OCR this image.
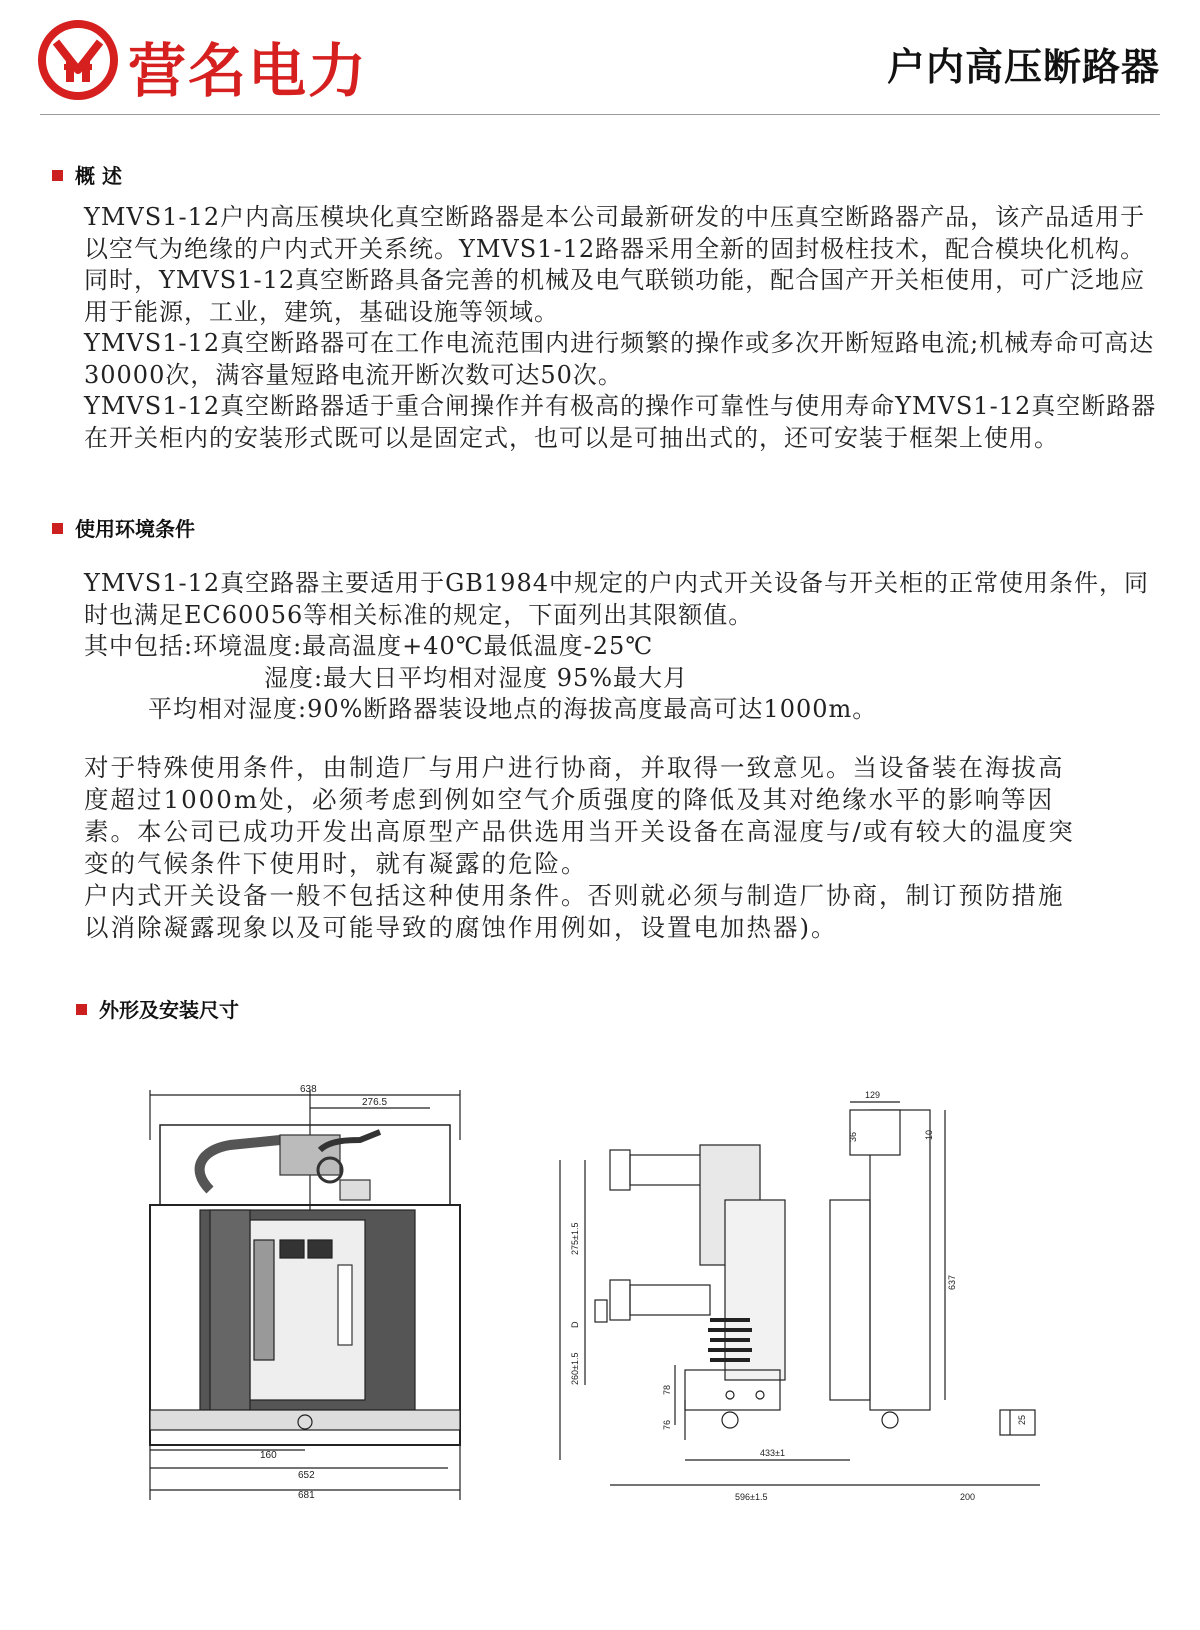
营名电力	户内高压断路器
概 述

YMVS1-12户内高压模块化真空断路器是本公司最新研发的中压真空断路器产品，该产品适用于以空气为绝缘的户内式开关系统。YMVS1-12路器采用全新的固封极柱技术，配合模块化机构。同时，YMVS1-12真空断路具备完善的机械及电气联锁功能，配合国产开关柜使用，可广泛地应用于能源，工业，建筑，基础设施等领域。

YMVS1-12真空断路器可在工作电流范围内进行频繁的操作或多次开断短路电流;机械寿命可高达30000次，满容量短路电流开断次数可达50次。

YMVS1-12真空断路器适于重合闸操作并有极高的操作可靠性与使用寿命YMVS1-12真空断路器在开关柜内的安装形式既可以是固定式，也可以是可抽出式的，还可安装于框架上使用。

使用环境条件

YMVS1-12真空路器主要适用于GB1984中规定的户内式开关设备与开关柜的正常使用条件，同时也满足EC60056等相关标准的规定，下面列出其限额值。

其中包括:环境温度:最高温度+40℃最低温度-25℃

湿度:最大日平均相对湿度 95%最大月

平均相对湿度:90%断路器装设地点的海拔高度最高可达1000m。

对于特殊使用条件，由制造厂与用户进行协商，并取得一致意见。当设备装在海拔高度超过1000m处，必须考虑到例如空气介质强度的降低及其对绝缘水平的影响等因素。本公司已成功开发出高原型产品供选用当开关设备在高湿度与/或有较大的温度突变的气候条件下使用时，就有凝露的危险。

户内式开关设备一般不包括这种使用条件。否则就必须与制造厂协商，制订预防措施以消除凝露现象以及可能导致的腐蚀作用例如，设置电加热器)。

外形及安装尺寸
638
276.5
160
652
681
129
36	10
275±1.5
D
260±1.5
78
76
637
433±1
596±1.5	200
25
